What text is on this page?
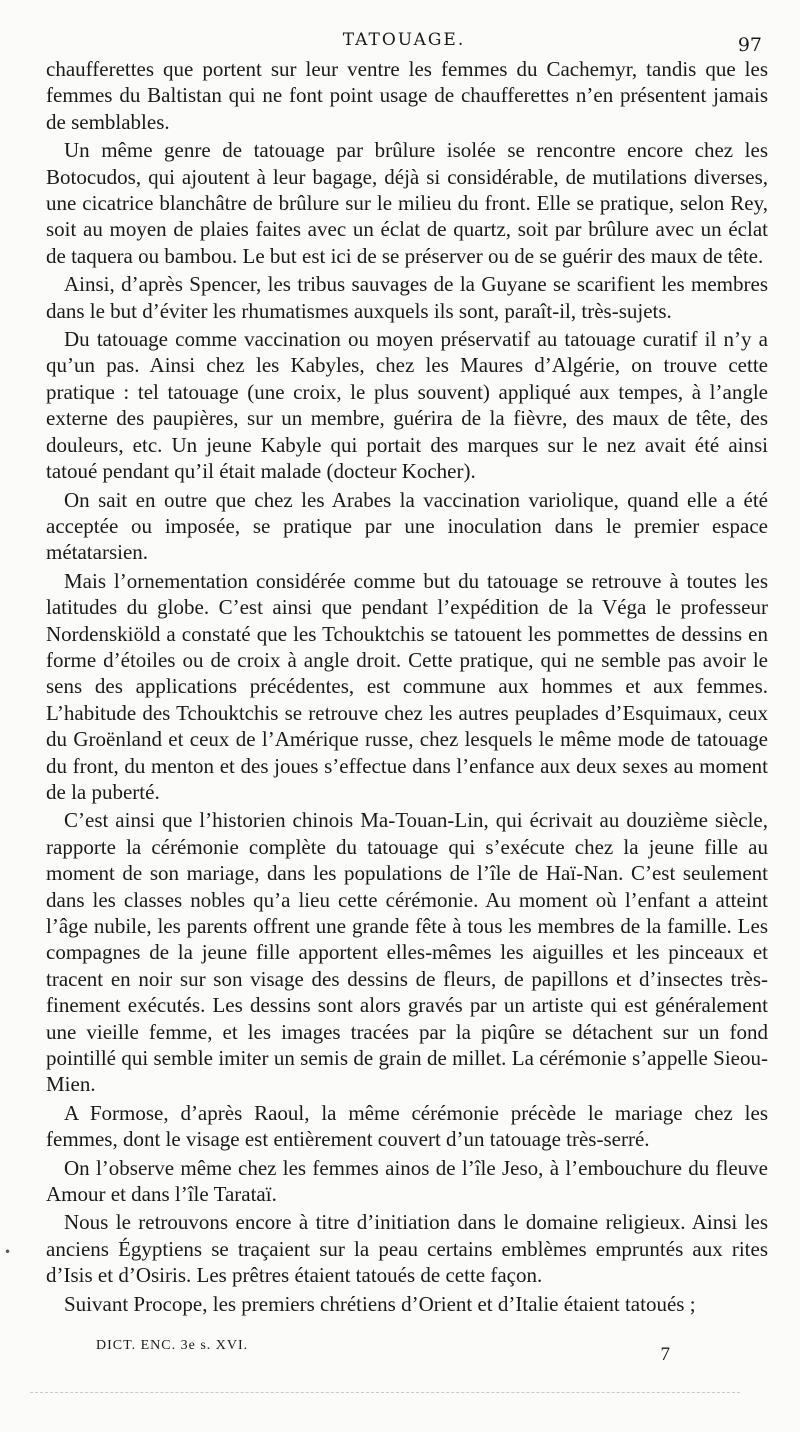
TATOUAGE.	97

chaufferettes que portent sur leur ventre les femmes du Cachemyr, tandis que les femmes du Baltistan qui ne font point usage de chaufferettes n’en présentent jamais de semblables.

Un même genre de tatouage par brûlure isolée se rencontre encore chez les Botocudos, qui ajoutent à leur bagage, déjà si considérable, de mutilations diverses, une cicatrice blanchâtre de brûlure sur le milieu du front. Elle se pratique, selon Rey, soit au moyen de plaies faites avec un éclat de quartz, soit par brûlure avec un éclat de taquera ou bambou. Le but est ici de se préserver ou de se guérir des maux de tête.

Ainsi, d’après Spencer, les tribus sauvages de la Guyane se scarifient les membres dans le but d’éviter les rhumatismes auxquels ils sont, paraît-il, très-sujets.

Du tatouage comme vaccination ou moyen préservatif au tatouage curatif il n’y a qu’un pas. Ainsi chez les Kabyles, chez les Maures d’Algérie, on trouve cette pratique : tel tatouage (une croix, le plus souvent) appliqué aux tempes, à l’angle externe des paupières, sur un membre, guérira de la fièvre, des maux de tête, des douleurs, etc. Un jeune Kabyle qui portait des marques sur le nez avait été ainsi tatoué pendant qu’il était malade (docteur Kocher).

On sait en outre que chez les Arabes la vaccination variolique, quand elle a été acceptée ou imposée, se pratique par une inoculation dans le premier espace métatarsien.

Mais l’ornementation considérée comme but du tatouage se retrouve à toutes les latitudes du globe. C’est ainsi que pendant l’expédition de la Véga le professeur Nordenskiöld a constaté que les Tchouktchis se tatouent les pommettes de dessins en forme d’étoiles ou de croix à angle droit. Cette pratique, qui ne semble pas avoir le sens des applications précédentes, est commune aux hommes et aux femmes. L’habitude des Tchouktchis se retrouve chez les autres peuplades d’Esquimaux, ceux du Groënland et ceux de l’Amérique russe, chez lesquels le même mode de tatouage du front, du menton et des joues s’effectue dans l’enfance aux deux sexes au moment de la puberté.

C’est ainsi que l’historien chinois Ma-Touan-Lin, qui écrivait au douzième siècle, rapporte la cérémonie complète du tatouage qui s’exécute chez la jeune fille au moment de son mariage, dans les populations de l’île de Haï-Nan. C’est seulement dans les classes nobles qu’a lieu cette cérémonie. Au moment où l’enfant a atteint l’âge nubile, les parents offrent une grande fête à tous les membres de la famille. Les compagnes de la jeune fille apportent elles-mêmes les aiguilles et les pinceaux et tracent en noir sur son visage des dessins de fleurs, de papillons et d’insectes très-finement exécutés. Les dessins sont alors gravés par un artiste qui est généralement une vieille femme, et les images tracées par la piqûre se détachent sur un fond pointillé qui semble imiter un semis de grain de millet. La cérémonie s’appelle Sieou-Mien.

A Formose, d’après Raoul, la même cérémonie précède le mariage chez les femmes, dont le visage est entièrement couvert d’un tatouage très-serré.

On l’observe même chez les femmes ainos de l’île Jeso, à l’embouchure du fleuve Amour et dans l’île Tarataï.

Nous le retrouvons encore à titre d’initiation dans le domaine religieux. Ainsi les anciens Égyptiens se traçaient sur la peau certains emblèmes empruntés aux rites d’Isis et d’Osiris. Les prêtres étaient tatoués de cette façon.

Suivant Procope, les premiers chrétiens d’Orient et d’Italie étaient tatoués ;

DICT. ENC. 3e s. XVI.	7
•
